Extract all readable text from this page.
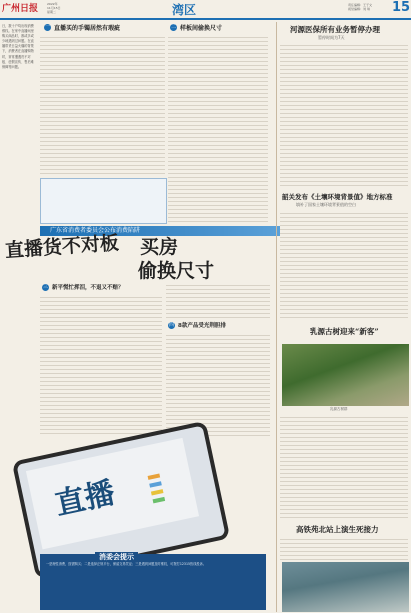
广州日报	2022年
11月15日
星期二	湾区	责任编辑：王子文
视觉编辑：刘 琪	15
日，数十户均出现消费维权。在家中直播间里购买商品时，都或多或少地遇到过问题。在直播带货日益火爆的背景下，消费者在直播购物时，常常遭遇货不对板、虚假宣传、售后难保障等问题。
一 直播买的手镯居然有瑕疵	二 样板间偷换尺寸
广东省消费者委员会公布消费陷阱
直播货不对板 买房
偷换尺寸
三 新平慌忙挥泪，不退又不赔？
四 8款产品受光荆胆排
直播
一是理性消费，按需购买；二是选择正规平台，保留交易凭证；三是遇到问题及时维权，可拨打12315热线投诉。
消委会提示
河源医保所有业务暂停办理
暂停时间为7天
韶关发布《土壤环境背景值》地方标准
填补了国家土壤环境背景值的空白
乳源古树迎来“新客”
乳源古树群
高铁苑北站上演生死接力
